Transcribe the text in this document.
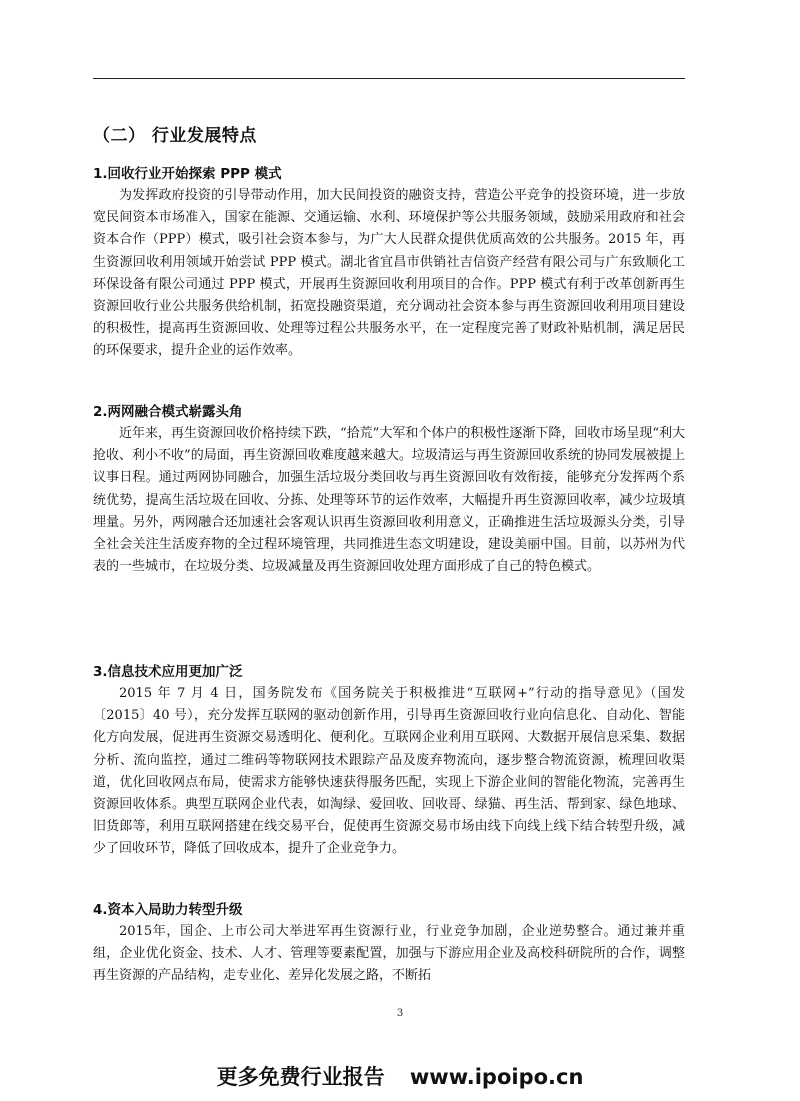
（二） 行业发展特点
1.回收行业开始探索 PPP 模式

为发挥政府投资的引导带动作用，加大民间投资的融资支持，营造公平竞争的投资环境，进一步放宽民间资本市场准入，国家在能源、交通运输、水利、环境保护等公共服务领域，鼓励采用政府和社会资本合作（PPP）模式，吸引社会资本参与，为广大人民群众提供优质高效的公共服务。2015 年，再生资源回收利用领域开始尝试 PPP 模式。湖北省宜昌市供销社吉信资产经营有限公司与广东致顺化工环保设备有限公司通过 PPP 模式，开展再生资源回收利用项目的合作。PPP 模式有利于改革创新再生资源回收行业公共服务供给机制，拓宽投融资渠道，充分调动社会资本参与再生资源回收利用项目建设的积极性，提高再生资源回收、处理等过程公共服务水平，在一定程度完善了财政补贴机制，满足居民的环保要求，提升企业的运作效率。

2.两网融合模式崭露头角

近年来，再生资源回收价格持续下跌，“拾荒”大军和个体户的积极性逐渐下降，回收市场呈现“利大抢收、利小不收”的局面，再生资源回收难度越来越大。垃圾清运与再生资源回收系统的协同发展被提上议事日程。通过两网协同融合，加强生活垃圾分类回收与再生资源回收有效衔接，能够充分发挥两个系统优势，提高生活垃圾在回收、分拣、处理等环节的运作效率，大幅提升再生资源回收率，减少垃圾填埋量。另外，两网融合还加速社会客观认识再生资源回收利用意义，正确推进生活垃圾源头分类，引导全社会关注生活废弃物的全过程环境管理，共同推进生态文明建设，建设美丽中国。目前，以苏州为代表的一些城市，在垃圾分类、垃圾减量及再生资源回收处理方面形成了自己的特色模式。

3.信息技术应用更加广泛

2015 年 7 月 4 日，国务院发布《国务院关于积极推进“互联网+”行动的指导意见》（国发〔2015〕40 号），充分发挥互联网的驱动创新作用，引导再生资源回收行业向信息化、自动化、智能化方向发展，促进再生资源交易透明化、便利化。互联网企业利用互联网、大数据开展信息采集、数据分析、流向监控，通过二维码等物联网技术跟踪产品及废弃物流向，逐步整合物流资源，梳理回收渠道，优化回收网点布局，使需求方能够快速获得服务匹配，实现上下游企业间的智能化物流，完善再生资源回收体系。典型互联网企业代表，如淘绿、爱回收、回收哥、绿猫、再生活、帮到家、绿色地球、旧货郎等，利用互联网搭建在线交易平台，促使再生资源交易市场由线下向线上线下结合转型升级，减少了回收环节，降低了回收成本，提升了企业竞争力。

4.资本入局助力转型升级

2015年，国企、上市公司大举进军再生资源行业，行业竞争加剧，企业逆势整合。通过兼并重组，企业优化资金、技术、人才、管理等要素配置，加强与下游应用企业及高校科研院所的合作，调整再生资源的产品结构，走专业化、差异化发展之路，不断拓

3
更多免费行业报告 www.ipoipo.cn
